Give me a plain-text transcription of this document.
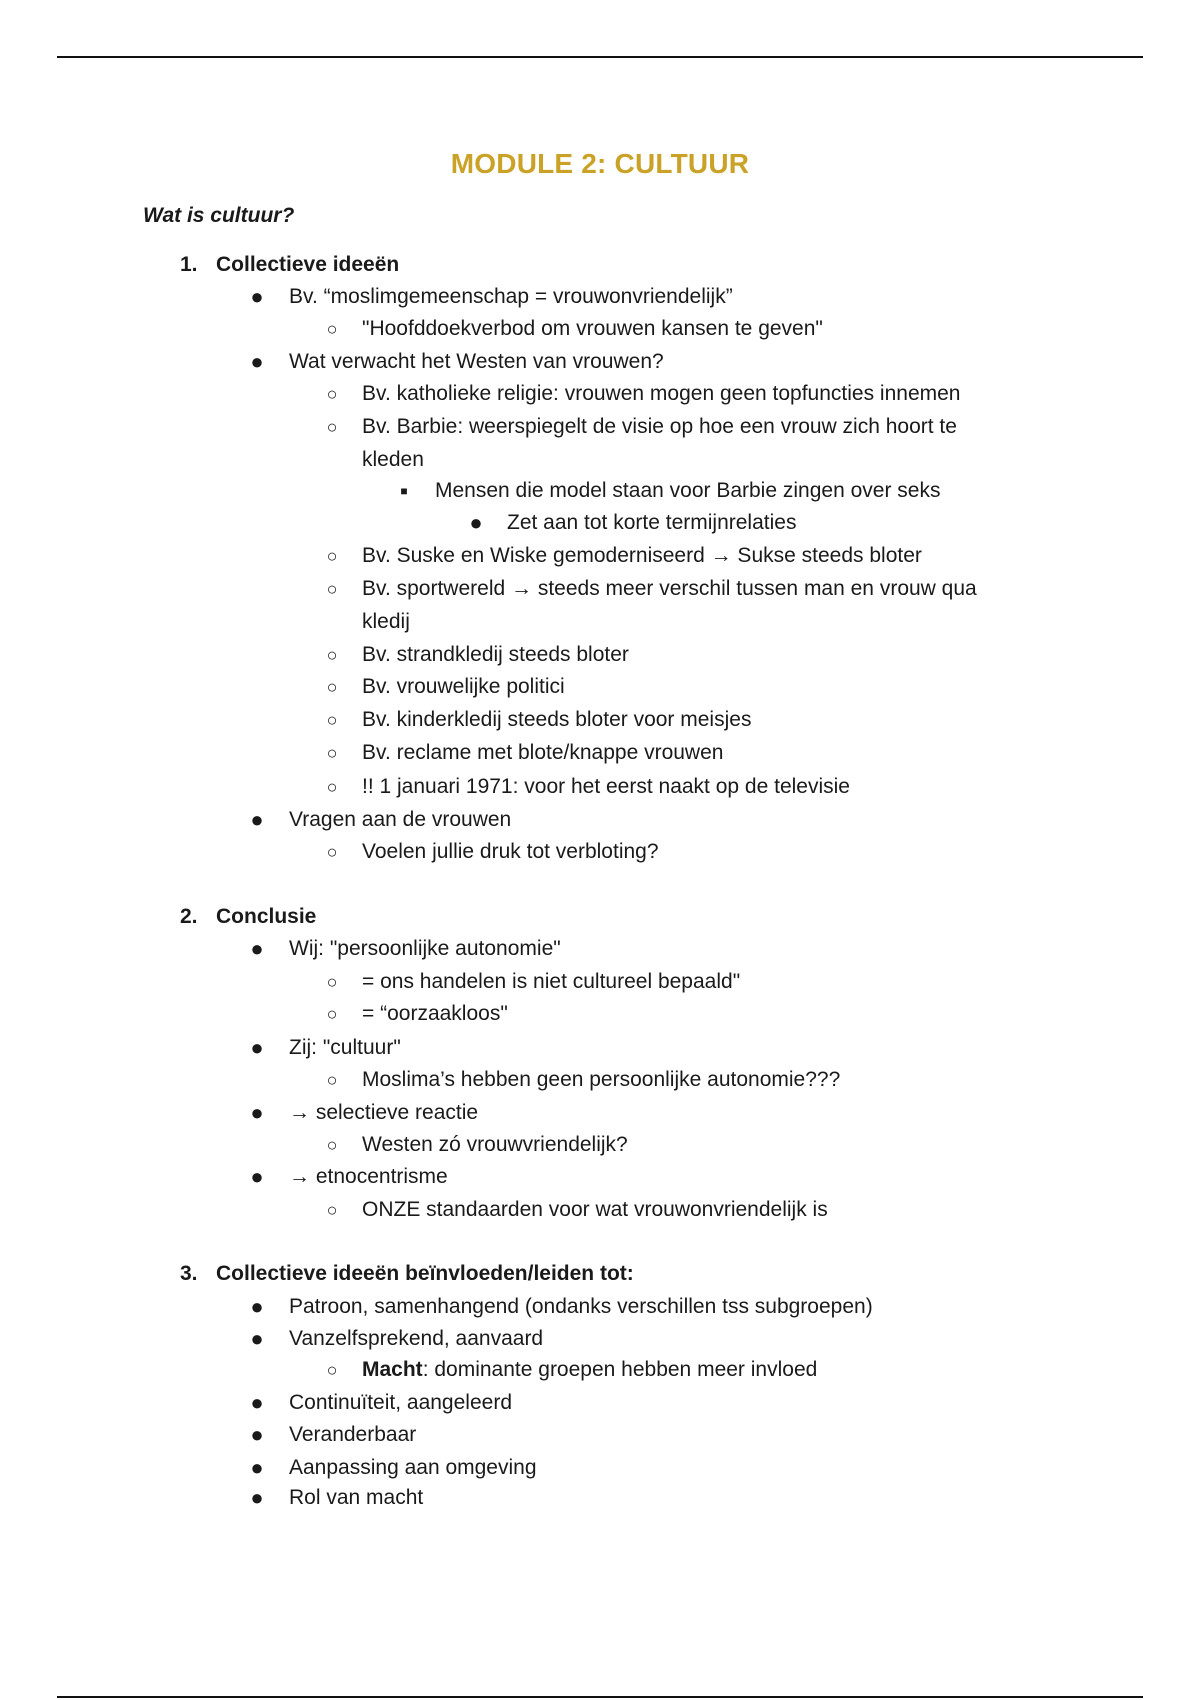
MODULE 2: CULTUUR
Wat is cultuur?
1. Collectieve ideeën
● Bv. “moslimgemeenschap = vrouwonvriendelijk”
○	"Hoofddoekverbod om vrouwen kansen te geven"
● Wat verwacht het Westen van vrouwen?
○	Bv. katholieke religie: vrouwen mogen geen topfuncties innemen
○	Bv. Barbie: weerspiegelt de visie op hoe een vrouw zich hoort te
kleden
■	Mensen die model staan voor Barbie zingen over seks
● Zet aan tot korte termijnrelaties
○	Bv. Suske en Wiske gemoderniseerd → Sukse steeds bloter
○	Bv. sportwereld → steeds meer verschil tussen man en vrouw qua
kledij
○	Bv. strandkledij steeds bloter
○	Bv. vrouwelijke politici
○	Bv. kinderkledij steeds bloter voor meisjes
○	Bv. reclame met blote/knappe vrouwen
○	!! 1 januari 1971: voor het eerst naakt op de televisie
● Vragen aan de vrouwen
○	Voelen jullie druk tot verbloting?
2. Conclusie
● Wij: "persoonlijke autonomie"
○	= ons handelen is niet cultureel bepaald"
○	= “oorzaakloos"
● Zij: "cultuur"
○	Moslima’s hebben geen persoonlijke autonomie???
● → selectieve reactie
○	Westen zó vrouwvriendelijk?
● → etnocentrisme
○	ONZE standaarden voor wat vrouwonvriendelijk is
3. Collectieve ideeën beïnvloeden/leiden tot:
● Patroon, samenhangend (ondanks verschillen tss subgroepen)
● Vanzelfsprekend, aanvaard
○	Macht: dominante groepen hebben meer invloed
● Continuïteit, aangeleerd
● Veranderbaar
● Aanpassing aan omgeving
● Rol van macht
